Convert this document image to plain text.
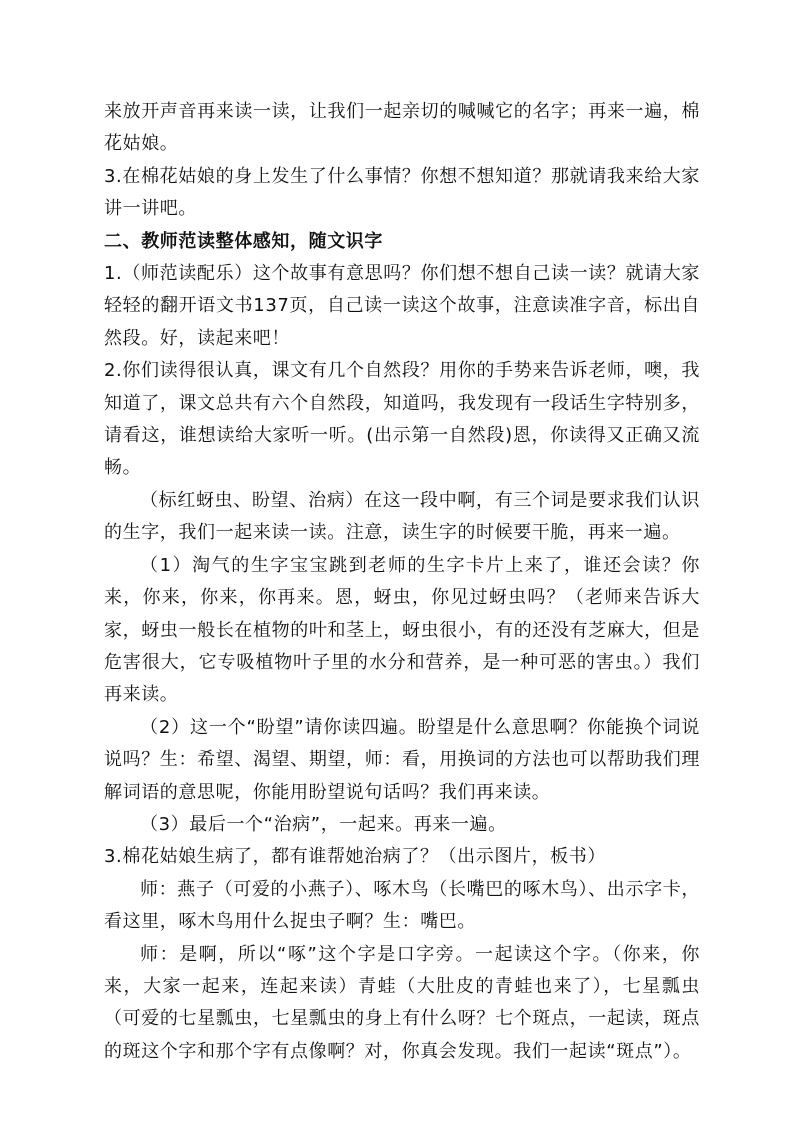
来放开声音再来读一读，让我们一起亲切的喊喊它的名字；再来一遍，棉花姑娘。

3.在棉花姑娘的身上发生了什么事情？你想不想知道？那就请我来给大家讲一讲吧。

二、教师范读整体感知，随文识字

1.（师范读配乐）这个故事有意思吗？你们想不想自己读一读？就请大家轻轻的翻开语文书137页，自己读一读这个故事，注意读准字音，标出自然段。好，读起来吧！

2.你们读得很认真，课文有几个自然段？用你的手势来告诉老师，噢，我知道了，课文总共有六个自然段，知道吗，我发现有一段话生字特别多，请看这，谁想读给大家听一听。(出示第一自然段)恩，你读得又正确又流畅。

（标红蚜虫、盼望、治病）在这一段中啊，有三个词是要求我们认识的生字，我们一起来读一读。注意，读生字的时候要干脆，再来一遍。

（1）淘气的生字宝宝跳到老师的生字卡片上来了，谁还会读？你来，你来，你来，你再来。恩，蚜虫，你见过蚜虫吗？（老师来告诉大家，蚜虫一般长在植物的叶和茎上，蚜虫很小，有的还没有芝麻大，但是危害很大，它专吸植物叶子里的水分和营养，是一种可恶的害虫。）我们再来读。

（2）这一个“盼望”请你读四遍。盼望是什么意思啊？你能换个词说说吗？生：希望、渴望、期望，师：看，用换词的方法也可以帮助我们理解词语的意思呢，你能用盼望说句话吗？我们再来读。

（3）最后一个“治病”，一起来。再来一遍。

3.棉花姑娘生病了，都有谁帮她治病了？（出示图片，板书）

师：燕子（可爱的小燕子）、啄木鸟（长嘴巴的啄木鸟）、出示字卡，看这里，啄木鸟用什么捉虫子啊？生：嘴巴。

师：是啊，所以“啄”这个字是口字旁。一起读这个字。（你来，你来，大家一起来，连起来读）青蛙（大肚皮的青蛙也来了），七星瓢虫（可爱的七星瓢虫，七星瓢虫的身上有什么呀？七个斑点，一起读，斑点的斑这个字和那个字有点像啊？对，你真会发现。我们一起读“斑点”）。
